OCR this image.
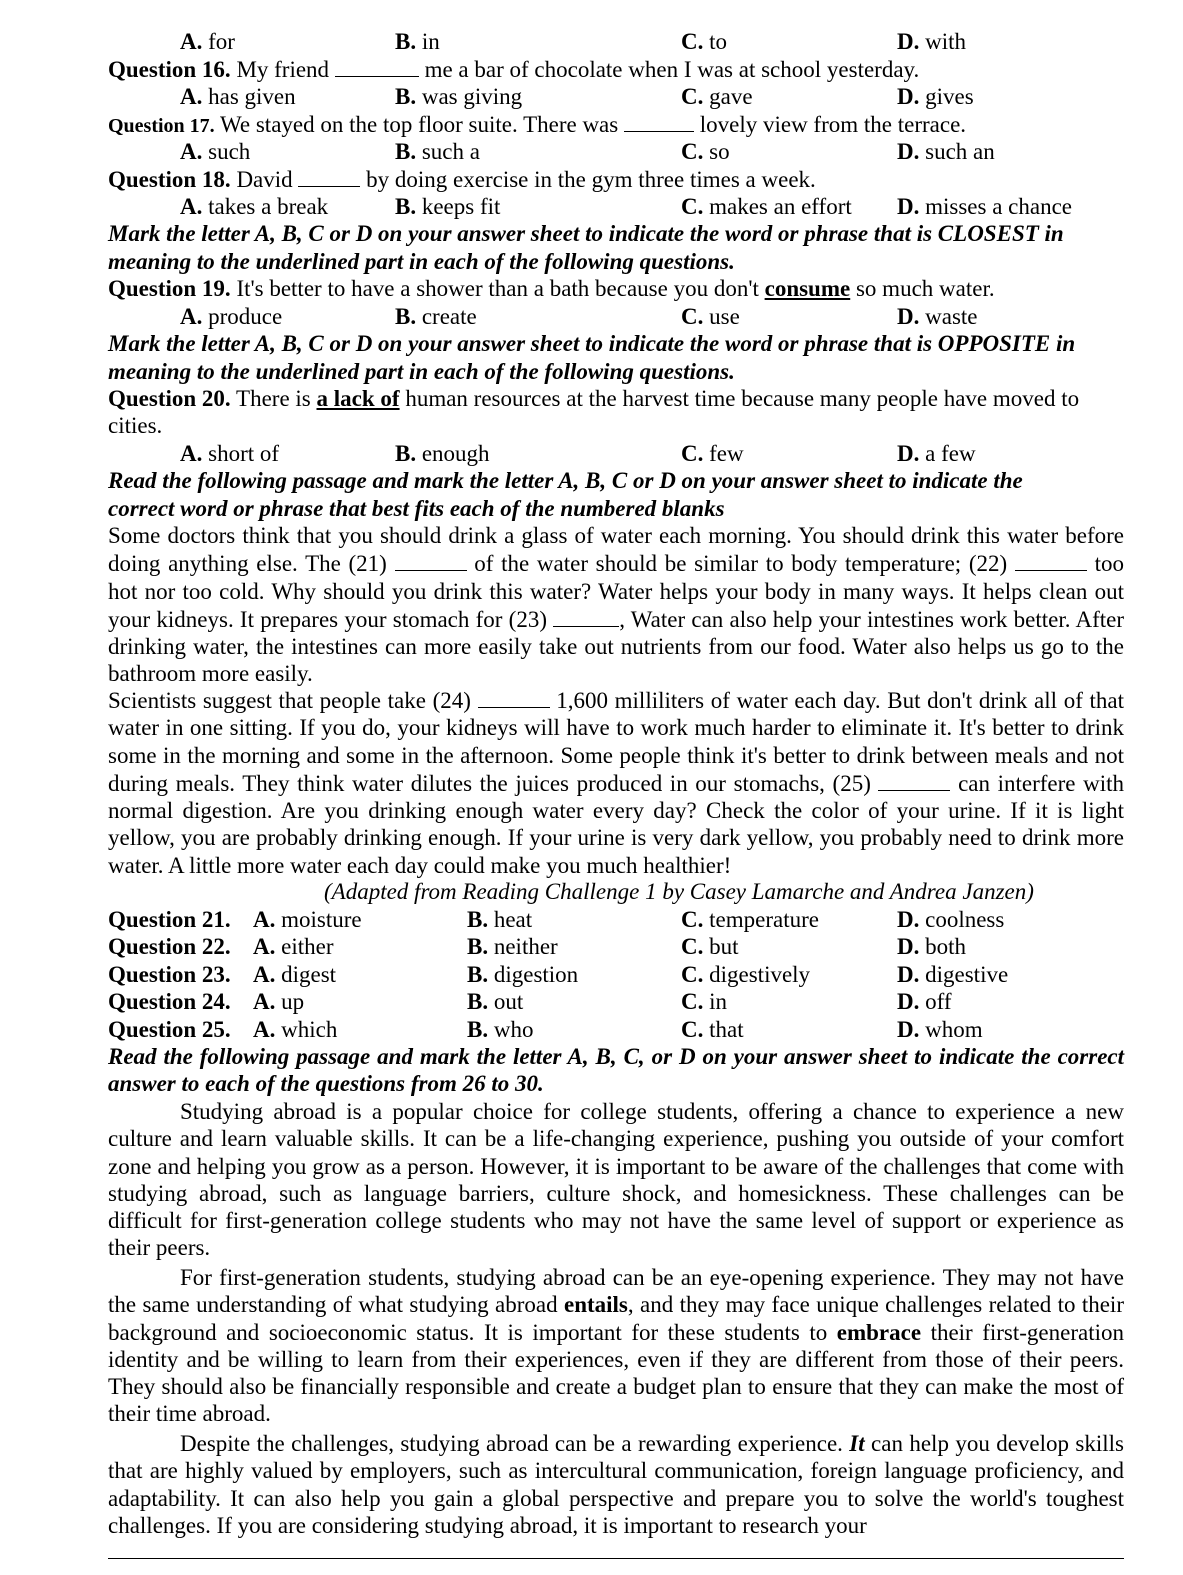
A. for	B. in	C. to	D. with
Question 16. My friend	me a bar of chocolate when I was at school yesterday.
A. has given	B. was giving	C. gave	D. gives
Question 17. We stayed on the top floor suite. There was	lovely view from the terrace.
A. such	B. such a	C. so	D. such an
Question 18. David	by doing exercise in the gym three times a week.
A. takes a break	B. keeps fit	C. makes an effort D. misses a chance
Mark the letter A, B, C or D on your answer sheet to indicate the word or phrase that is CLOSEST in
meaning to the underlined part in each of the following questions.
Question 19. It's better to have a shower than a bath because you don't consume so much water.
A. produce	B. create	C. use	D. waste
Mark the letter A, B, C or D on your answer sheet to indicate the word or phrase that is OPPOSITE in
meaning to the underlined part in each of the following questions.
Question 20. There is a lack of human resources at the harvest time because many people have moved to
cities.
A. short of	B. enough	C. few	D. a few
Read the following passage and mark the letter A, B, C or D on your answer sheet to indicate the
correct word or phrase that best fits each of the numbered blanks
Some doctors think that you should drink a glass of water each morning. You should drink this water before doing anything else. The (21)	of the water should be similar to body temperature; (22)	too hot nor too cold. Why should you drink this water? Water helps your body in many ways. It helps clean out your kidneys. It prepares your stomach for (23)	, Water can also help your intestines work better. After drinking water, the intestines can more easily take out nutrients from our food. Water also helps us go to the bathroom more easily.
Scientists suggest that people take (24)	1,600 milliliters of water each day. But don't drink all of that water in one sitting. If you do, your kidneys will have to work much harder to eliminate it. It's better to drink some in the morning and some in the afternoon. Some people think it's better to drink between meals and not during meals. They think water dilutes the juices produced in our stomachs, (25)	can interfere with normal digestion. Are you drinking enough water every day? Check the color of your urine. If it is light yellow, you are probably drinking enough. If your urine is very dark yellow, you probably need to drink more water. A little more water each day could make you much healthier!
(Adapted from Reading Challenge 1 by Casey Lamarche and Andrea Janzen)
Question 21. A. moisture	B. heat	C. temperature	D. coolness
Question 22. A. either	B. neither	C. but	D. both
Question 23. A. digest	B. digestion	C. digestively	D. digestive
Question 24. A. up	B. out	C. in	D. off
Question 25. A. which	B. who	C. that	D. whom
Read the following passage and mark the letter A, B, C, or D on your answer sheet to indicate the correct answer to each of the questions from 26 to 30.
Studying abroad is a popular choice for college students, offering a chance to experience a new culture and learn valuable skills. It can be a life-changing experience, pushing you outside of your comfort zone and helping you grow as a person. However, it is important to be aware of the challenges that come with studying abroad, such as language barriers, culture shock, and homesickness. These challenges can be difficult for first-generation college students who may not have the same level of support or experience as their peers.
For first-generation students, studying abroad can be an eye-opening experience. They may not have the same understanding of what studying abroad entails, and they may face unique challenges related to their background and socioeconomic status. It is important for these students to embrace their first-generation identity and be willing to learn from their experiences, even if they are different from those of their peers. They should also be financially responsible and create a budget plan to ensure that they can make the most of their time abroad.
Despite the challenges, studying abroad can be a rewarding experience. It can help you develop skills that are highly valued by employers, such as intercultural communication, foreign language proficiency, and adaptability. It can also help you gain a global perspective and prepare you to solve the world's toughest challenges. If you are considering studying abroad, it is important to research your
